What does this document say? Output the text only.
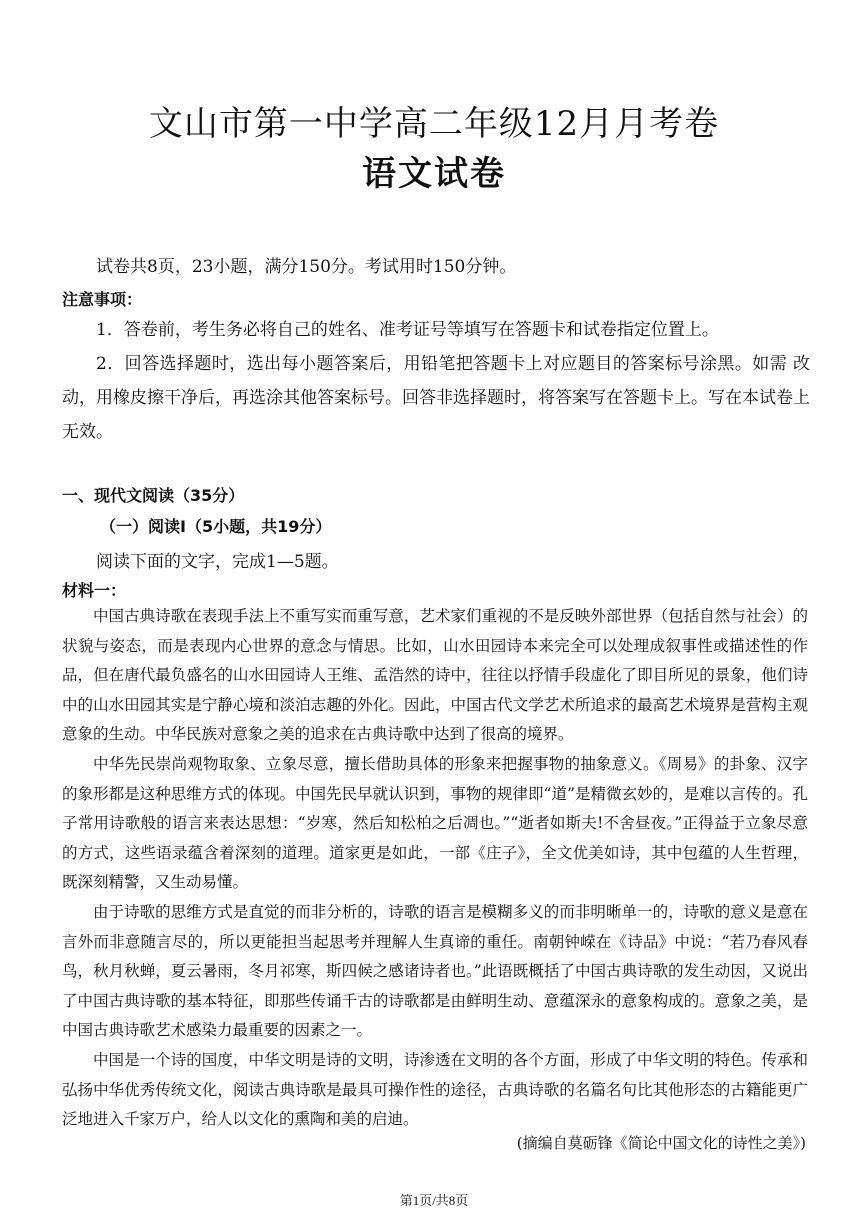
文山市第一中学高二年级12月月考卷
语文试卷
试卷共8页，23小题，满分150分。考试用时150分钟。
注意事项：

1．答卷前，考生务必将自己的姓名、准考证号等填写在答题卡和试卷指定位置上。

2．回答选择题时，选出每小题答案后，用铅笔把答题卡上对应题目的答案标号涂黑。如需 改动，用橡皮擦干净后，再选涂其他答案标号。回答非选择题时，将答案写在答题卡上。写在本试卷上无效。

一、现代文阅读（35分）
（一）阅读Ⅰ（5小题，共19分）
阅读下面的文字，完成1—5题。
材料一：

中国古典诗歌在表现手法上不重写实而重写意，艺术家们重视的不是反映外部世界（包括自然与社会）的状貌与姿态，而是表现内心世界的意念与情思。比如，山水田园诗本来完全可以处理成叙事性或描述性的作品，但在唐代最负盛名的山水田园诗人王维、孟浩然的诗中，往往以抒情手段虚化了即目所见的景象，他们诗中的山水田园其实是宁静心境和淡泊志趣的外化。因此，中国古代文学艺术所追求的最高艺术境界是营构主观意象的生动。中华民族对意象之美的追求在古典诗歌中达到了很高的境界。

中华先民崇尚观物取象、立象尽意，擅长借助具体的形象来把握事物的抽象意义。《周易》的卦象、汉字的象形都是这种思维方式的体现。中国先民早就认识到，事物的规律即“道”是精微玄妙的，是难以言传的。孔子常用诗歌般的语言来表达思想：“岁寒，然后知松柏之后凋也。”“逝者如斯夫!不舍昼夜。”正得益于立象尽意的方式，这些语录蕴含着深刻的道理。道家更是如此，一部《庄子》，全文优美如诗，其中包蕴的人生哲理，既深刻精警，又生动易懂。

由于诗歌的思维方式是直觉的而非分析的，诗歌的语言是模糊多义的而非明晰单一的，诗歌的意义是意在言外而非意随言尽的，所以更能担当起思考并理解人生真谛的重任。南朝钟嵘在《诗品》中说：“若乃春风春鸟，秋月秋蝉，夏云暑雨，冬月祁寒，斯四候之感诸诗者也。”此语既概括了中国古典诗歌的发生动因，又说出了中国古典诗歌的基本特征，即那些传诵千古的诗歌都是由鲜明生动、意蕴深永的意象构成的。意象之美，是中国古典诗歌艺术感染力最重要的因素之一。

中国是一个诗的国度，中华文明是诗的文明，诗渗透在文明的各个方面，形成了中华文明的特色。传承和弘扬中华优秀传统文化，阅读古典诗歌是最具可操作性的途径，古典诗歌的名篇名句比其他形态的古籍能更广泛地进入千家万户，给人以文化的熏陶和美的启迪。

(摘编自莫砺锋《简论中国文化的诗性之美》)
第1页/共8页
